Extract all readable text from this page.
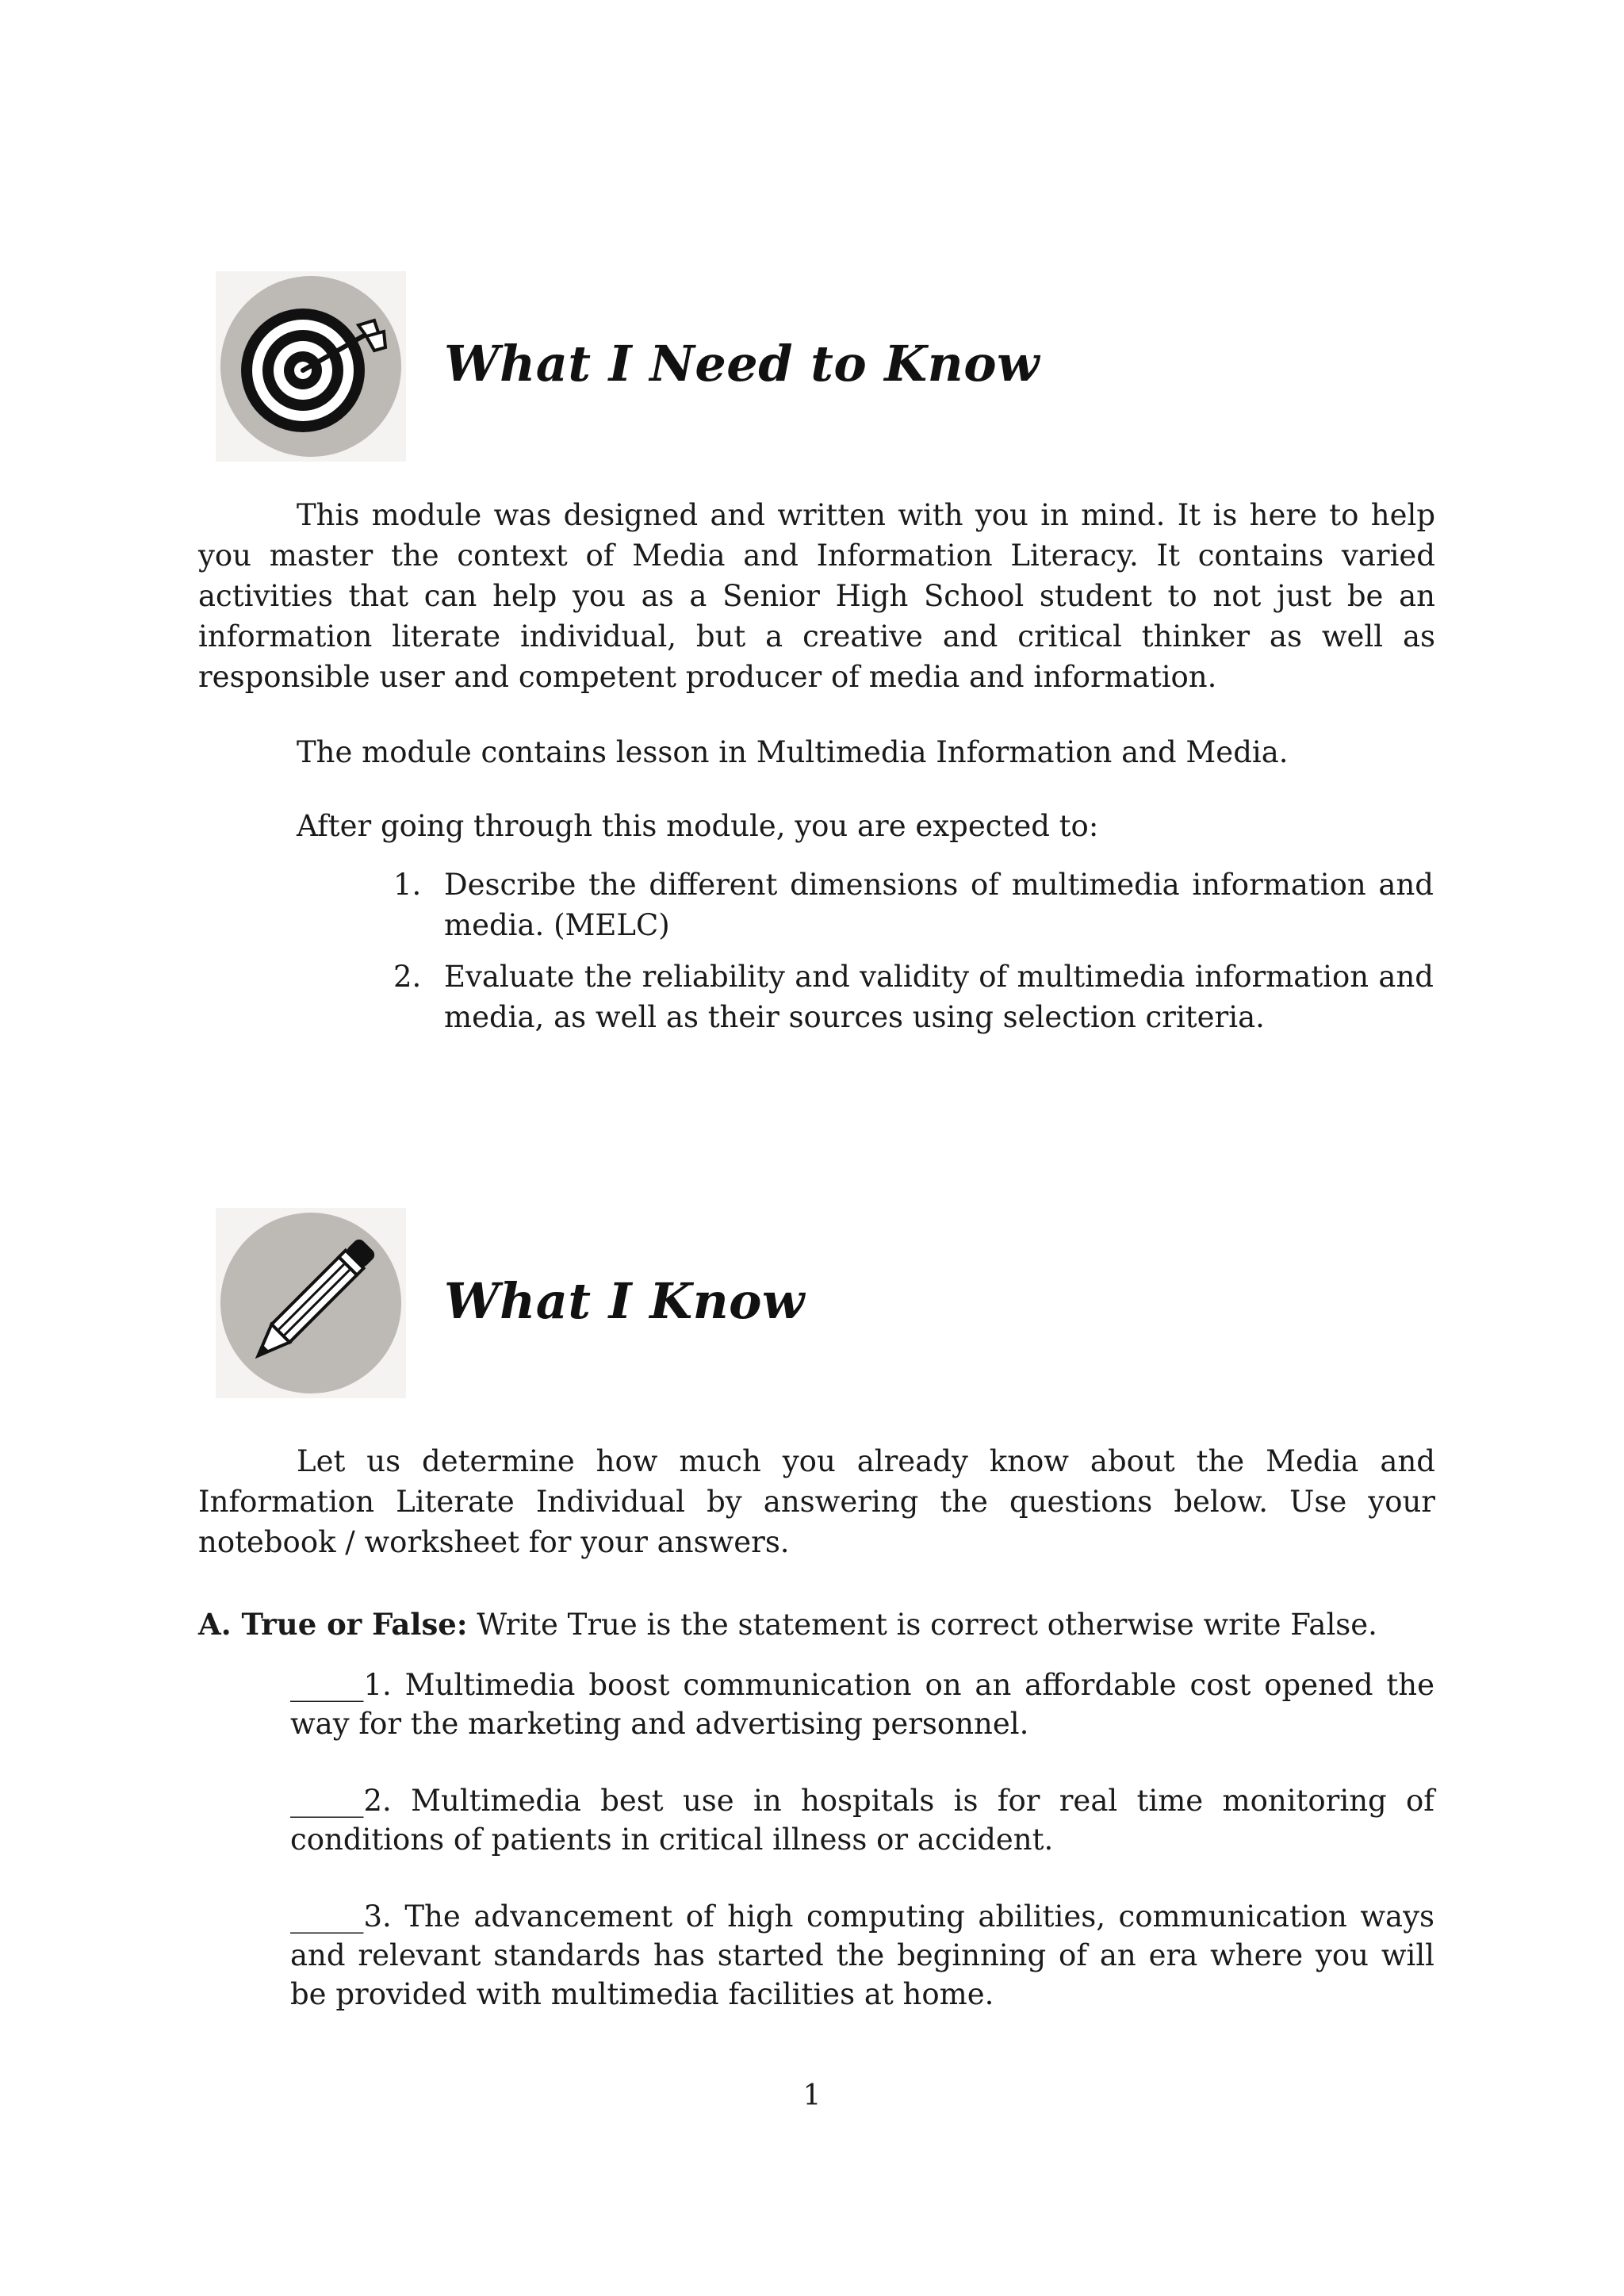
What I Need to Know

This module was designed and written with you in mind. It is here to help you master the context of Media and Information Literacy. It contains varied activities that can help you as a Senior High School student to not just be an information literate individual, but a creative and critical thinker as well as responsible user and competent producer of media and information.

The module contains lesson in Multimedia Information and Media.

After going through this module, you are expected to:

1. Describe the different dimensions of multimedia information and media. (MELC)
2. Evaluate the reliability and validity of multimedia information and media, as well as their sources using selection criteria.
What I Know

Let us determine how much you already know about the Media and Information Literate Individual by answering the questions below. Use your notebook / worksheet for your answers.

A. True or False: Write True is the statement is correct otherwise write False.

_____1. Multimedia boost communication on an affordable cost opened the way for the marketing and advertising personnel.

_____2. Multimedia best use in hospitals is for real time monitoring of conditions of patients in critical illness or accident.

_____3. The advancement of high computing abilities, communication ways and relevant standards has started the beginning of an era where you will be provided with multimedia facilities at home.

1
